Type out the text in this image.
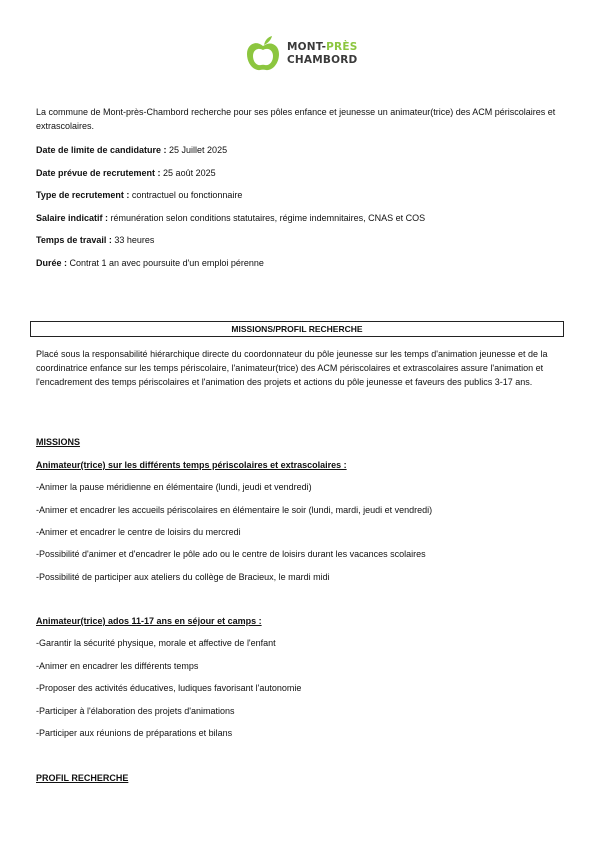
MONT-PRÈS
CHAMBORD
La commune de Mont-près-Chambord recherche pour ses pôles enfance et jeunesse un animateur(trice) des ACM périscolaires et extrascolaires.
Date de limite de candidature : 25 Juillet 2025
Date prévue de recrutement : 25 août 2025
Type de recrutement : contractuel ou fonctionnaire
Salaire indicatif : rémunération selon conditions statutaires, régime indemnitaires, CNAS et COS
Temps de travail : 33 heures
Durée : Contrat 1 an avec poursuite d'un emploi pérenne
MISSIONS/PROFIL RECHERCHE
Placé sous la responsabilité hiérarchique directe du coordonnateur du pôle jeunesse sur les temps d'animation jeunesse et de la coordinatrice enfance sur les temps périscolaire, l'animateur(trice) des ACM périscolaires et extrascolaires assure l'animation et l'encadrement des temps périscolaires et l'animation des projets et actions du pôle jeunesse et faveurs des publics 3-17 ans.
MISSIONS
Animateur(trice) sur les différents temps périscolaires et extrascolaires :
-Animer la pause méridienne en élémentaire (lundi, jeudi et vendredi)
-Animer et encadrer les accueils périscolaires en élémentaire le soir (lundi, mardi, jeudi et vendredi)
-Animer et encadrer le centre de loisirs du mercredi
-Possibilité d'animer et d'encadrer le pôle ado ou le centre de loisirs durant les vacances scolaires
-Possibilité de participer aux ateliers du collège de Bracieux, le mardi midi
Animateur(trice) ados 11-17 ans en séjour et camps :
-Garantir la sécurité physique, morale et affective de l'enfant
-Animer en encadrer les différents temps
-Proposer des activités éducatives, ludiques favorisant l'autonomie
-Participer à l'élaboration des projets d'animations
-Participer aux réunions de préparations et bilans
PROFIL RECHERCHE
